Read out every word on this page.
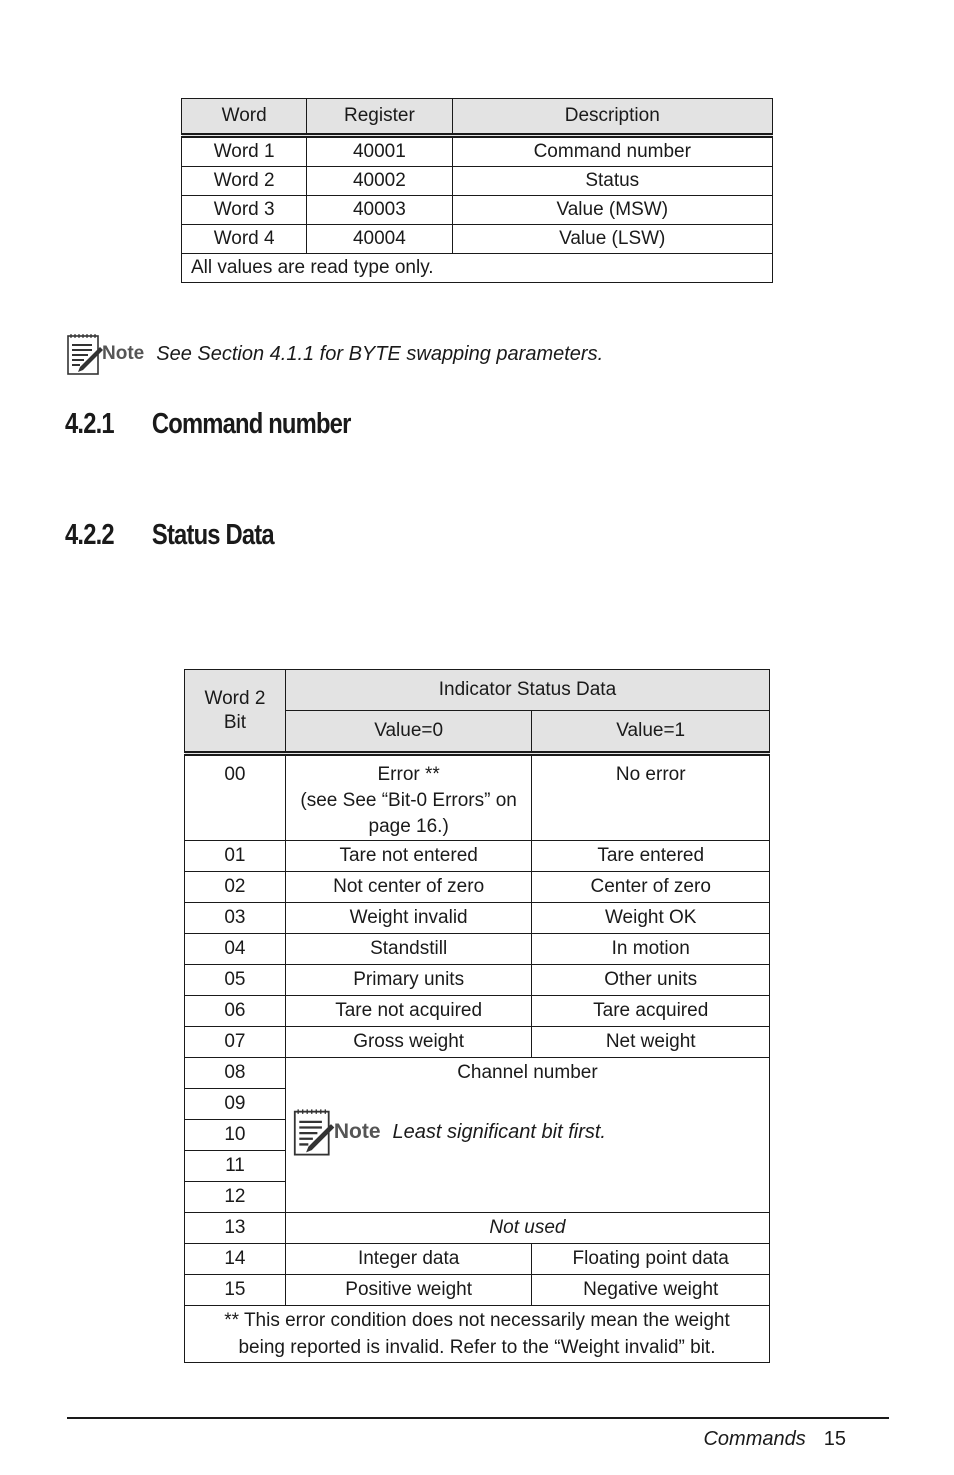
Word	Register	Description
Word 1	40001	Command number
Word 2	40002	Status
Word 3	40003	Value (MSW)
Word 4	40004	Value (LSW)
All values are read type only.		
Note See Section 4.1.1 for BYTE swapping parameters.
4.2.1 Command number
4.2.2 Status Data
Word 2 Bit	Indicator Status Data	
	Value=0	Value=1
00	Error **
(see See “Bit-0 Errors” on
page 16.)	No error
01	Tare not entered	Tare entered
02	Not center of zero	Center of zero
03	Weight invalid	Weight OK
04	Standstill	In motion
05	Primary units	Other units
06	Tare not acquired	Tare acquired
07	Gross weight	Net weight
08	Channel number
Note Least significant bit first.	

09		
10		
11		
12		
13	Not used	
14	Integer data	Floating point data
15	Positive weight	Negative weight

** This error condition does not necessarily mean the weight
being reported is invalid. Refer to the “Weight invalid” bit.		
Commands 15
